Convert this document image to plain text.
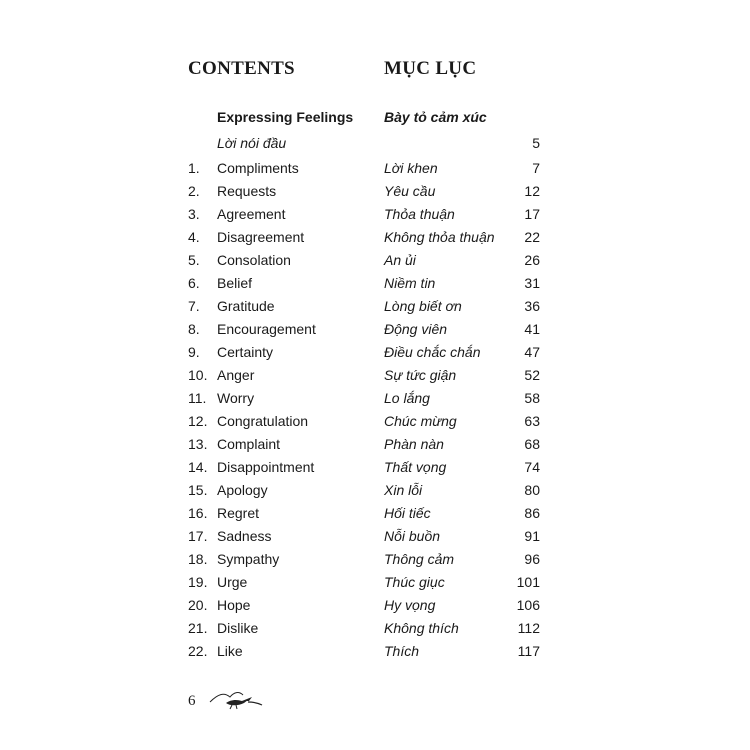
CONTENTS	MỤC LỤC
Expressing Feelings Bày tỏ cảm xúc
Lời nói đầu	5
1. Compliments	Lời khen	7
2. Requests	Yêu cầu	12
3. Agreement	Thỏa thuận	17
4. Disagreement	Không thỏa thuận 22
5. Consolation	An ủi	26
6. Belief	Niềm tin	31
7. Gratitude	Lòng biết ơn	36
8. Encouragement	Động viên	41
9. Certainty	Điều chắc chắn	47
10. Anger	Sự tức giận	52
11. Worry	Lo lắng	58
12. Congratulation	Chúc mừng	63
13. Complaint	Phàn nàn	68
14. Disappointment	Thất vọng	74
15. Apology	Xin lỗi	80
16. Regret	Hối tiếc	86
17. Sadness	Nỗi buồn	91
18. Sympathy	Thông cảm	96
19. Urge	Thúc giục	101
20. Hope	Hy vọng	106
21. Dislike	Không thích	112
22. Like	Thích	117
6
